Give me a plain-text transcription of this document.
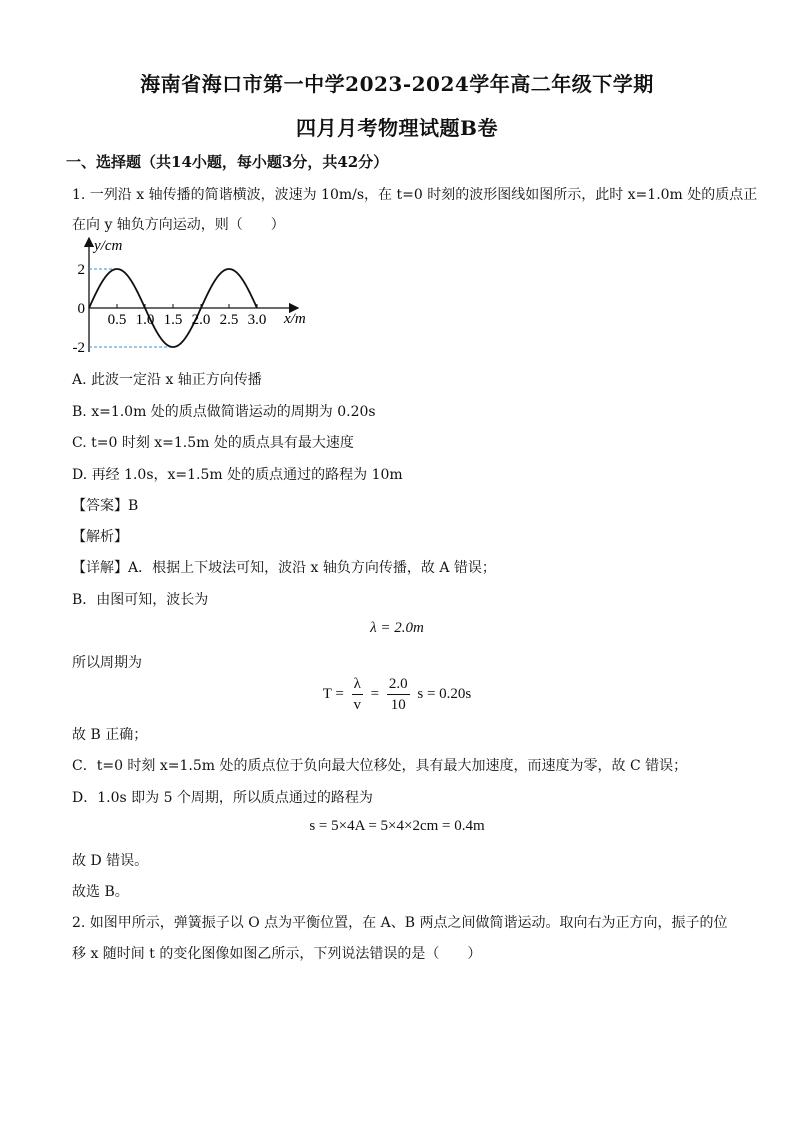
海南省海口市第一中学2023-2024学年高二年级下学期
四月月考物理试题B卷
一、选择题（共14小题，每小题3分，共42分）
1. 一列沿 x 轴传播的简谐横波，波速为 10m/s，在 t=0 时刻的波形图线如图所示，此时 x=1.0m 处的质点正
在向 y 轴负方向运动，则（　　）
0.5 1.0 1.5 2.0 2.5 3.0
2
0
-2
y/cm
x/m
A. 此波一定沿 x 轴正方向传播
B. x=1.0m 处的质点做简谐运动的周期为 0.20s
C. t=0 时刻 x=1.5m 处的质点具有最大速度
D. 再经 1.0s，x=1.5m 处的质点通过的路程为 10m
【答案】B
【解析】
【详解】A．根据上下坡法可知，波沿 x 轴负方向传播，故 A 错误；
B．由图可知，波长为
λ = 2.0m
所以周期为
$T = \frac{\lambda}{v} = \frac{2.0}{10}$ s = 0.20s
故 B 正确；
C．t=0 时刻 x=1.5m 处的质点位于负向最大位移处，具有最大加速度，而速度为零，故 C 错误；
D．1.0s 即为 5 个周期，所以质点通过的路程为
s = 5×4A = 5×4×2cm = 0.4m
故 D 错误。
故选 B。
2. 如图甲所示，弹簧振子以 O 点为平衡位置，在 A、B 两点之间做简谐运动。取向右为正方向，振子的位
移 x 随时间 t 的变化图像如图乙所示，下列说法错误的是（　　）
